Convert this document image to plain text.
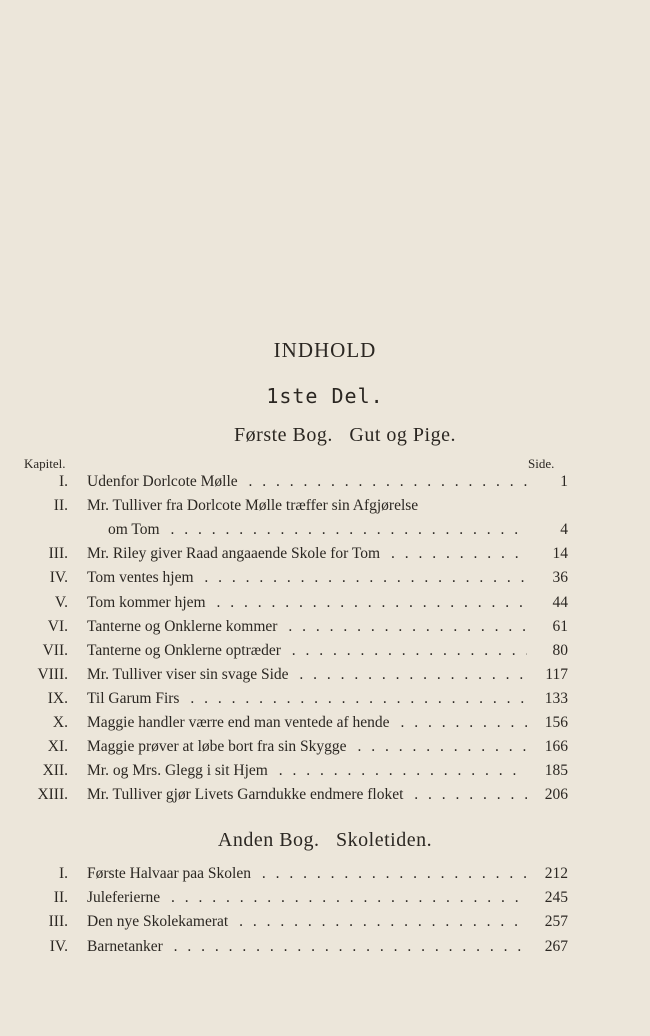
INDHOLD
1ste Del.
Første Bog.   Gut og Pige.
Kapitel.	Side.
I. Udenfor Dorlcote Mølle . . .	1
II. Mr. Tulliver fra Dorlcote Mølle træffer sin Afgjørelse
om Tom . . .	4
III. Mr. Riley giver Raad angaaende Skole for Tom . . .	14
IV. Tom ventes hjem . . .	36
V. Tom kommer hjem . . .	44
VI. Tanterne og Onklerne kommer . . .	61
VII. Tanterne og Onklerne optræder . . .	80
VIII. Mr. Tulliver viser sin svage Side . . .	117
IX. Til Garum Firs . . .	133
X. Maggie handler værre end man ventede af hende . . .	156
XI. Maggie prøver at løbe bort fra sin Skygge . . .	166
XII. Mr. og Mrs. Glegg i sit Hjem . . .	185
XIII. Mr. Tulliver gjør Livets Garndukke endmere floket . . .	206
Anden Bog.   Skoletiden.
I. Første Halvaar paa Skolen . . .	212
II. Juleferierne . . .	245
III. Den nye Skolekamerat . . .	257
IV. Barnetanker . . .	267
